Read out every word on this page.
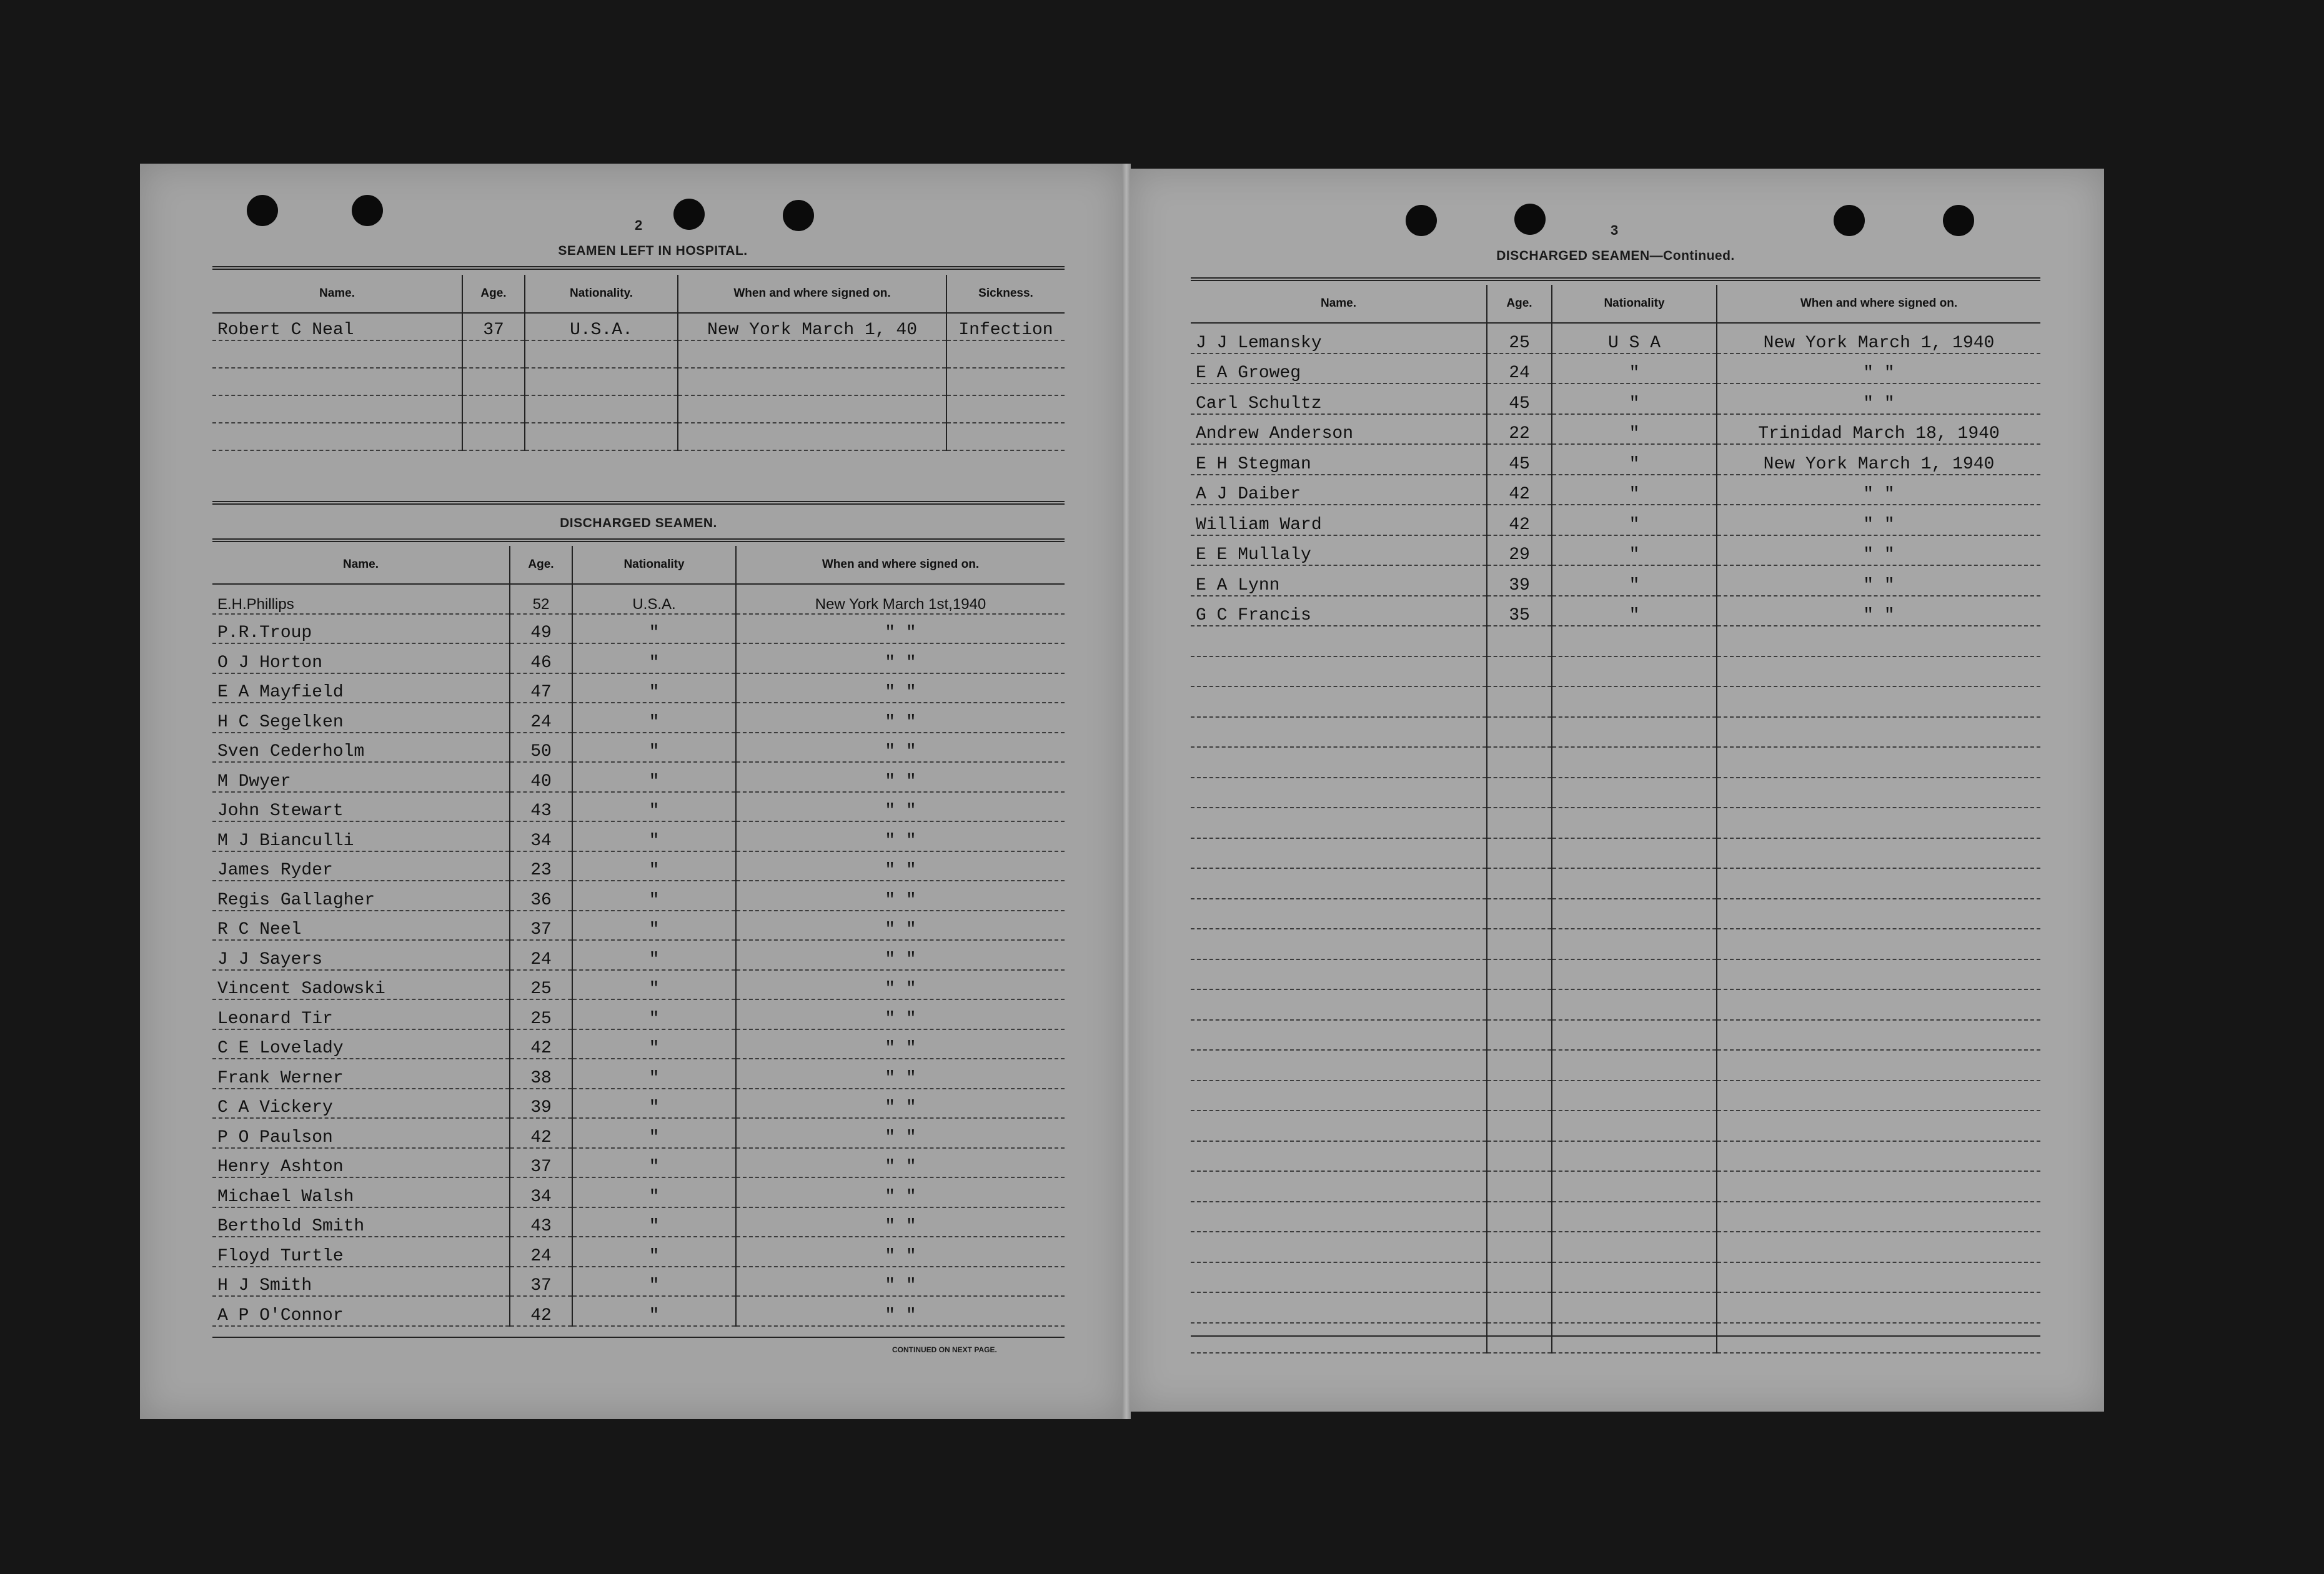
2
SEAMEN LEFT IN HOSPITAL.
Name.	Age.	Nationality.	When and where signed on.	Sickness.
Robert C Neal	37	U.S.A.	New York March 1, 40	Infection

DISCHARGED SEAMEN.
Name.	Age.	Nationality	When and where signed on.
E.H.Phillips	52	U.S.A.	New York March 1st,1940
P.R.Troup	49	"	" "
O J Horton	46	"	" "
E A Mayfield	47	"	" "
H C Segelken	24	"	" "
Sven Cederholm	50	"	" "
M Dwyer	40	"	" "
John Stewart	43	"	" "
M J Bianculli	34	"	" "
James Ryder	23	"	" "
Regis Gallagher	36	"	" "
R C Neel	37	"	" "
J J Sayers	24	"	" "
Vincent Sadowski	25	"	" "
Leonard Tir	25	"	" "
C E Lovelady	42	"	" "
Frank Werner	38	"	" "
C A Vickery	39	"	" "
P O Paulson	42	"	" "
Henry Ashton	37	"	" "
Michael Walsh	34	"	" "
Berthold Smith	43	"	" "
Floyd Turtle	24	"	" "
H J Smith	37	"	" "
A P O'Connor	42	"	" "
CONTINUED ON NEXT PAGE.
3
DISCHARGED SEAMEN—Continued.
Name.	Age.	Nationality	When and where signed on.
J J Lemansky	25	U S A	New York March 1, 1940
E A Groweg	24	"	" "
Carl Schultz	45	"	" "
Andrew Anderson	22	"	Trinidad March 18, 1940
E H Stegman	45	"	New York March 1, 1940
A J Daiber	42	"	" "
William Ward	42	"	" "
E E Mullaly	29	"	" "
E A Lynn	39	"	" "
G C Francis	35	"	" "
